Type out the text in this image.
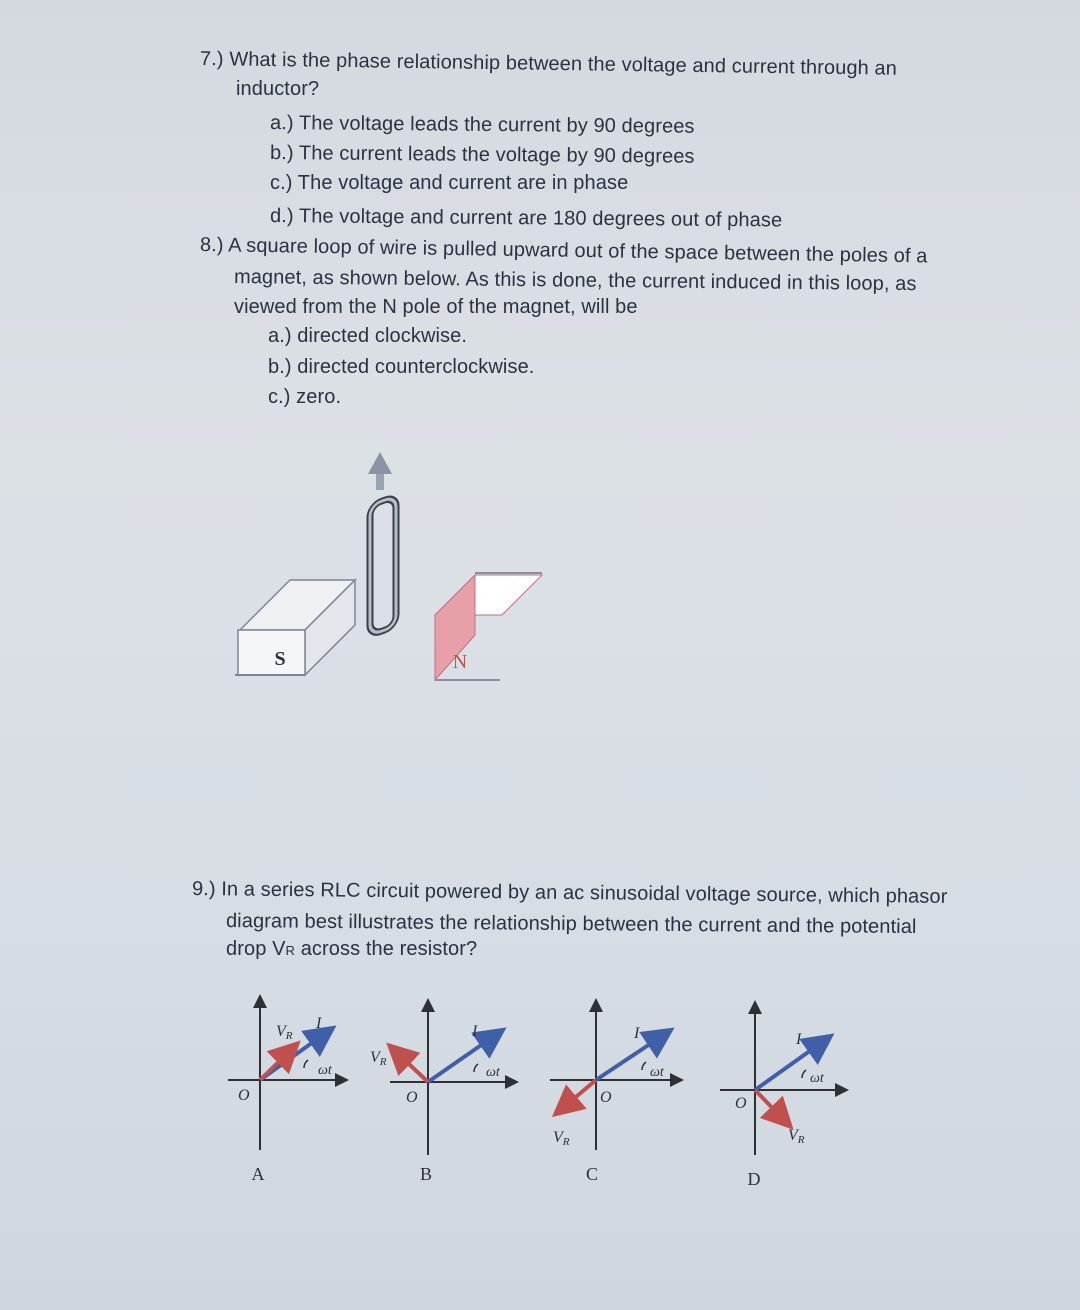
7.) What is the phase relationship between the voltage and current through an
inductor?
a.) The voltage leads the current by 90 degrees
b.) The current leads the voltage by 90 degrees
c.) The voltage and current are in phase
d.) The voltage and current are 180 degrees out of phase
8.) A square loop of wire is pulled upward out of the space between the poles of a
magnet, as shown below. As this is done, the current induced in this loop, as
viewed from the N pole of the magnet, will be
a.) directed clockwise.
b.) directed counterclockwise.
c.) zero.
S	N
9.) In a series RLC circuit powered by an ac sinusoidal voltage source, which phasor
diagram best illustrates the relationship between the current and the potential
drop VR across the resistor?
VR
I
ωt
O
A
VR
I
ωt
O
B
VR
I
ωt
O
C
VR
I
ωt
O
D
